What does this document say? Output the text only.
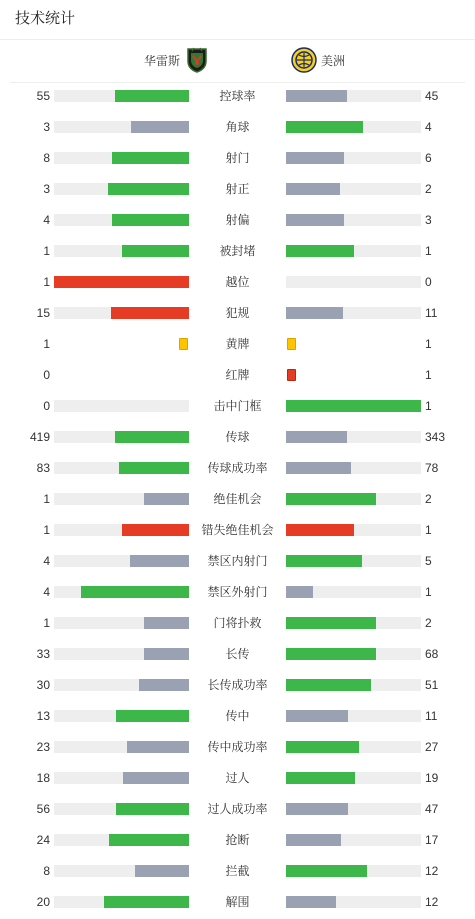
技术统计
华雷斯	美洲
55	控球率	45
3	角球	4
8	射门	6
3	射正	2
4	射偏	3
1	被封堵	1
1	越位	0
15	犯规	11
1	黄牌	1
0	红牌	1
0	击中门框	1
419	传球	343
83	传球成功率	78
1	绝佳机会	2
1	错失绝佳机会	1
4	禁区内射门	5
4	禁区外射门	1
1	门将扑救	2
33	长传	68
30	长传成功率	51
13	传中	11
23	传中成功率	27
18	过人	19
56	过人成功率	47
24	抢断	17
8	拦截	12
20	解围	12
